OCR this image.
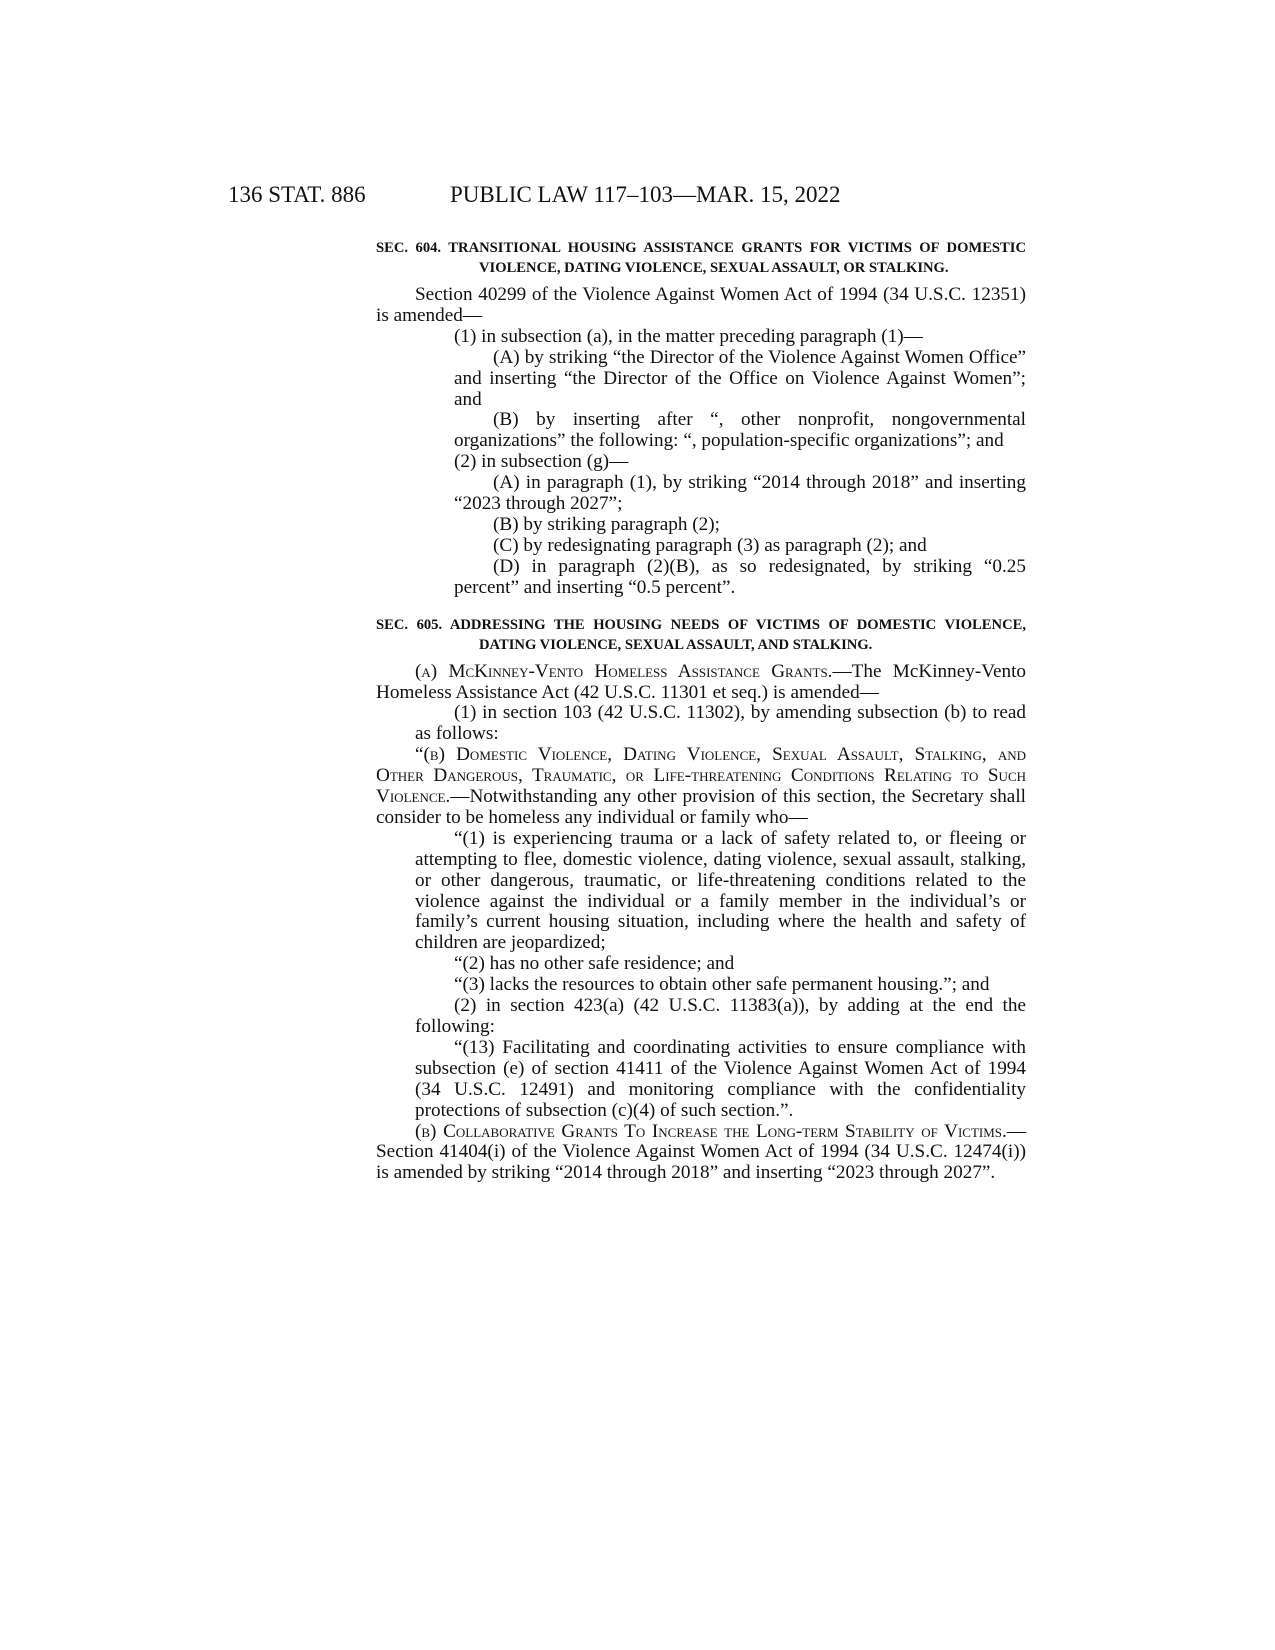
136 STAT. 886	PUBLIC LAW 117–103—MAR. 15, 2022

SEC. 604. TRANSITIONAL HOUSING ASSISTANCE GRANTS FOR VICTIMS OF DOMESTIC VIOLENCE, DATING VIOLENCE, SEXUAL ASSAULT, OR STALKING.

Section 40299 of the Violence Against Women Act of 1994 (34 U.S.C. 12351) is amended—

(1) in subsection (a), in the matter preceding paragraph (1)—

(A) by striking “the Director of the Violence Against Women Office” and inserting “the Director of the Office on Violence Against Women”; and

(B) by inserting after “, other nonprofit, nongovernmental organizations” the following: “, population-specific organizations”; and

(2) in subsection (g)—

(A) in paragraph (1), by striking “2014 through 2018” and inserting “2023 through 2027”;

(B) by striking paragraph (2);

(C) by redesignating paragraph (3) as paragraph (2); and

(D) in paragraph (2)(B), as so redesignated, by striking “0.25 percent” and inserting “0.5 percent”.

SEC. 605. ADDRESSING THE HOUSING NEEDS OF VICTIMS OF DOMESTIC VIOLENCE, DATING VIOLENCE, SEXUAL ASSAULT, AND STALKING.

(a) McKinney-Vento Homeless Assistance Grants.—The McKinney-Vento Homeless Assistance Act (42 U.S.C. 11301 et seq.) is amended—

(1) in section 103 (42 U.S.C. 11302), by amending subsection (b) to read as follows:

“(b) Domestic Violence, Dating Violence, Sexual Assault, Stalking, and Other Dangerous, Traumatic, or Life-threatening Conditions Relating to Such Violence.—Notwithstanding any other provision of this section, the Secretary shall consider to be homeless any individual or family who—

“(1) is experiencing trauma or a lack of safety related to, or fleeing or attempting to flee, domestic violence, dating violence, sexual assault, stalking, or other dangerous, traumatic, or life-threatening conditions related to the violence against the individual or a family member in the individual’s or family’s current housing situation, including where the health and safety of children are jeopardized;

“(2) has no other safe residence; and

“(3) lacks the resources to obtain other safe permanent housing.”; and

(2) in section 423(a) (42 U.S.C. 11383(a)), by adding at the end the following:

“(13) Facilitating and coordinating activities to ensure compliance with subsection (e) of section 41411 of the Violence Against Women Act of 1994 (34 U.S.C. 12491) and monitoring compliance with the confidentiality protections of subsection (c)(4) of such section.”.

(b) Collaborative Grants To Increase the Long-term Stability of Victims.—Section 41404(i) of the Violence Against Women Act of 1994 (34 U.S.C. 12474(i)) is amended by striking “2014 through 2018” and inserting “2023 through 2027”.
